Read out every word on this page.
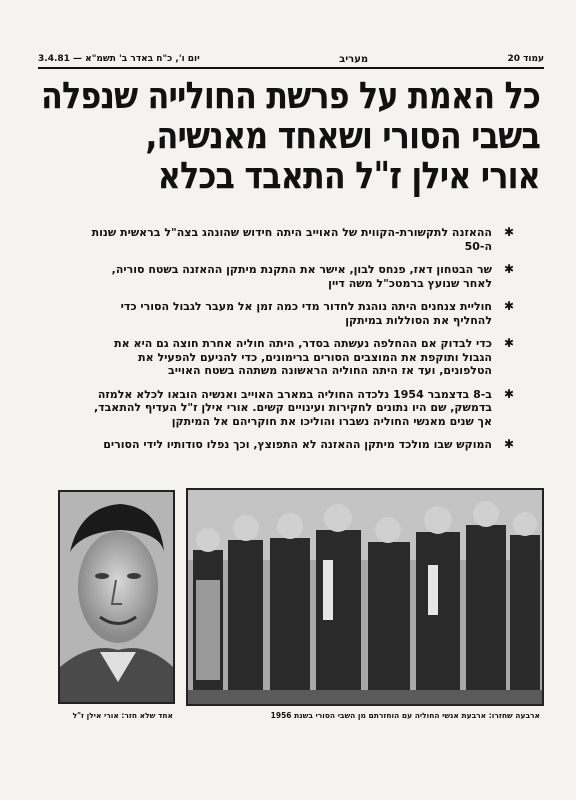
עמוד 20
מעריב
יום ו', כ"ח באדר ב' תשמ"א — 3.4.81
כל האמת על פרשת החולייה שנפלה
בשבי הסורי ושאחד מאנשיה,
אורי אילן ז"ל התאבד בכלא
✱
ההאזנה לתקשורת-הקווית של האוייב היתה חידוש שהונהג בצה"ל בראשית שנות ה-50
✱
שר הבטחון דאז, פנחס לבון, אישר את התקנת מיתקן ההאזנה בשטח סוריה, לאחר שנועץ ברמטכ"ל משה דיין
✱
חוליית צנחנים היתה נוהגת לחדור מדי כמה זמן אל מעבר לגבול הסורי כדי להחליף את הסוללות במיתקן
✱
כדי לבדוק אם ההחלפה נעשתה בסדר, היתה חוליה אחרת חוצה גם היא את הגבול ותוקפת את המוצבים הסורים ברימונים, כדי להניעם להפעיל את הטלפונים, ועד אז היתה החוליה הראשונה משתהה בשטח האוייב
✱
ב-8 בדצמבר 1954 נלכדה החוליה במארב האוייב ואנשיה הובאו לכלא אלמזה בדמשק, שם היו נתונים לחקירות ועינויים קשים. אורי אילן ז"ל העדיף להתאבד, אך שנים מאנשי החוליה נשברו והוליכו את חוקריהם אל המיתקן
✱
המוקש שבו מולכד מיתקן ההאזנה לא התפוצץ, וכך נפלו סודותיו לידי הסורים
אחד שלא חזר: אורי אילן ז"ל	ארבעה שחזרו: ארבעת אנשי החוליה עם הוחזרתם מן השבי הסורי בשנת 1956
